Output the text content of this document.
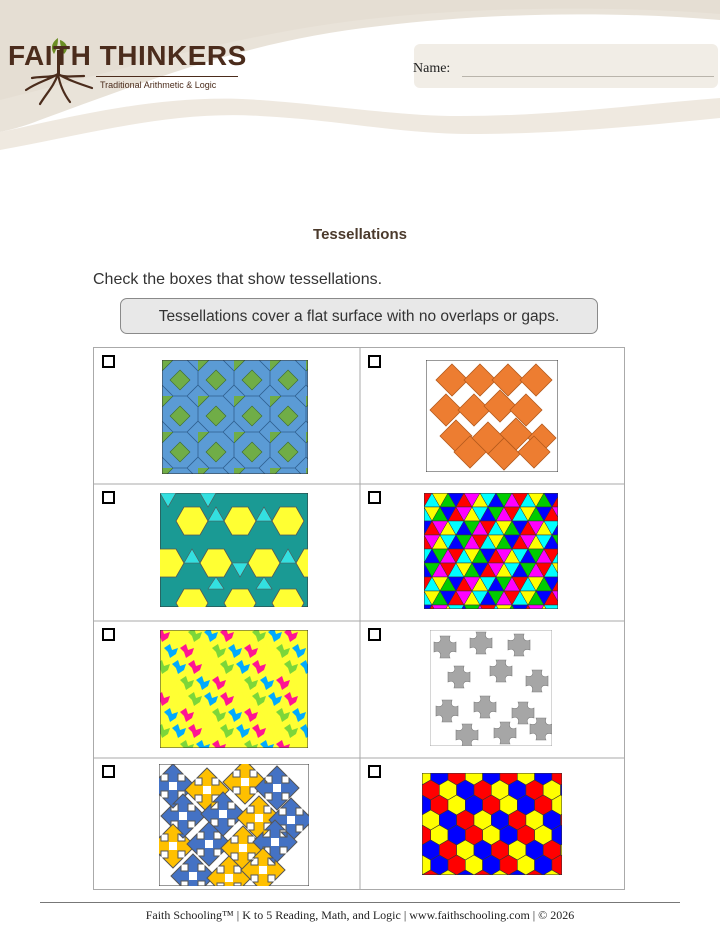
FAITH THINKERS
Traditional Arithmetic & Logic
Name:
Tessellations
Check the boxes that show tessellations.
Tessellations cover a flat surface with no overlaps or gaps.
Faith Schooling™ | K to 5 Reading, Math, and Logic | www.faithschooling.com | © 2026
